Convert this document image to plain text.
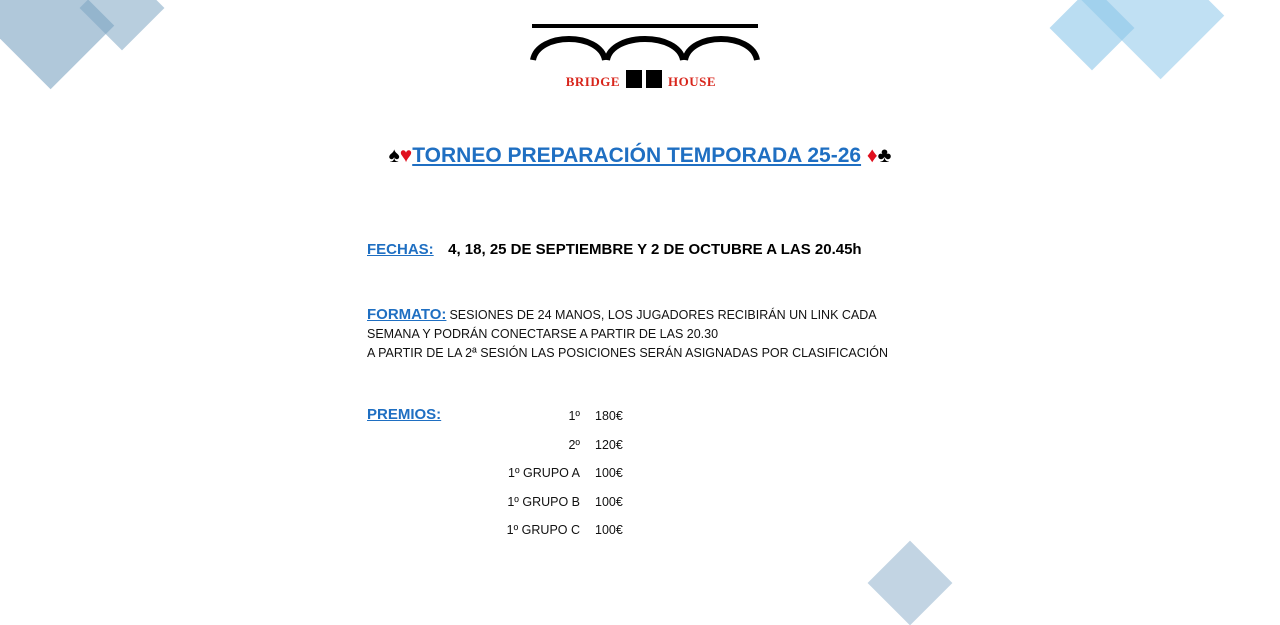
BRIDGE	HOUSE
♠♥TORNEO PREPARACIÓN TEMPORADA 25-26 ♦♣
FECHAS: 4, 18, 25 DE SEPTIEMBRE Y 2 DE OCTUBRE A LAS 20.45h
FORMATO: SESIONES DE 24 MANOS, LOS JUGADORES RECIBIRÁN UN LINK CADA
SEMANA Y PODRÁN CONECTARSE A PARTIR DE LAS 20.30
A PARTIR DE LA 2ª SESIÓN LAS POSICIONES SERÁN ASIGNADAS POR CLASIFICACIÓN
PREMIOS:	1º 180€
2º 120€
1º GRUPO A 100€
1º GRUPO B 100€
1º GRUPO C 100€
